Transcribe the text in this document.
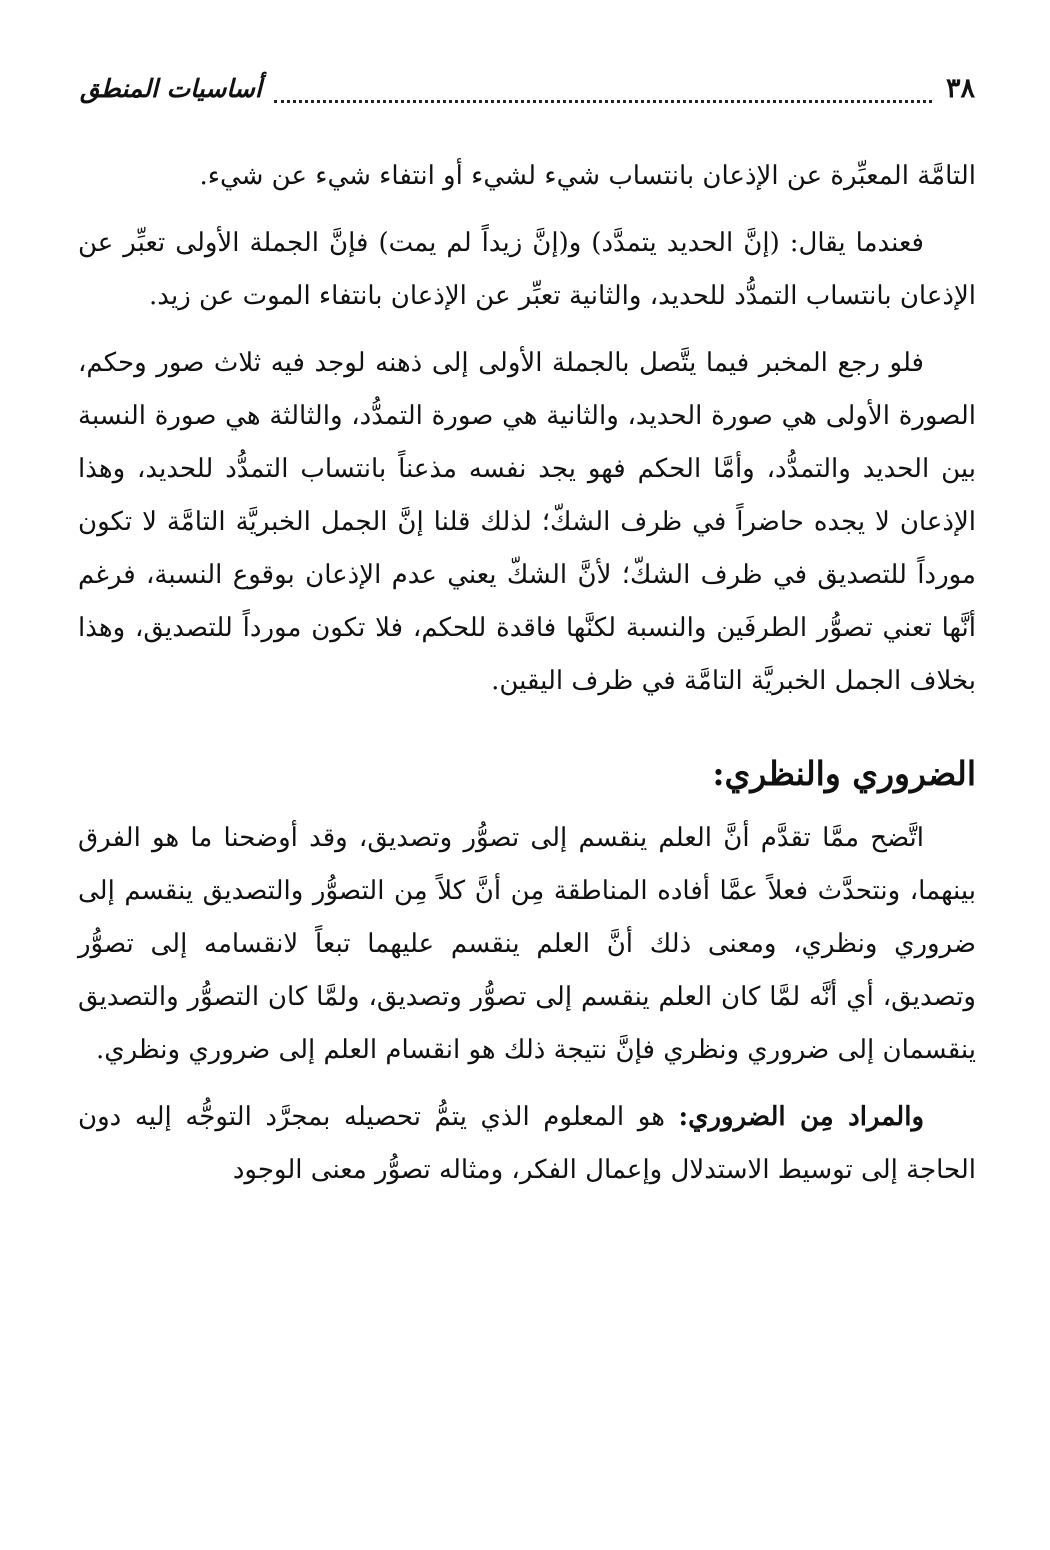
٣٨
أساسيات المنطق

التامَّة المعبِّرة عن الإذعان بانتساب شيء لشيء أو انتفاء شيء عن شيء.

فعندما يقال: (إنَّ الحديد يتمدَّد) و(إنَّ زيداً لم يمت) فإنَّ الجملة الأولى تعبِّر عن الإذعان بانتساب التمدُّد للحديد، والثانية تعبِّر عن الإذعان بانتفاء الموت عن زيد.

فلو رجع المخبر فيما يتَّصل بالجملة الأولى إلى ذهنه لوجد فيه ثلاث صور وحكم، الصورة الأولى هي صورة الحديد، والثانية هي صورة التمدُّد، والثالثة هي صورة النسبة بين الحديد والتمدُّد، وأمَّا الحكم فهو يجد نفسه مذعناً بانتساب التمدُّد للحديد، وهذا الإذعان لا يجده حاضراً في ظرف الشكّ؛ لذلك قلنا إنَّ الجمل الخبريَّة التامَّة لا تكون مورداً للتصديق في ظرف الشكّ؛ لأنَّ الشكّ يعني عدم الإذعان بوقوع النسبة، فرغم أنَّها تعني تصوُّر الطرفَين والنسبة لكنَّها فاقدة للحكم، فلا تكون مورداً للتصديق، وهذا بخلاف الجمل الخبريَّة التامَّة في ظرف اليقين.

الضروري والنظري:

اتَّضح ممَّا تقدَّم أنَّ العلم ينقسم إلى تصوُّر وتصديق، وقد أوضحنا ما هو الفرق بينهما، ونتحدَّث فعلاً عمَّا أفاده المناطقة مِن أنَّ كلاً مِن التصوُّر والتصديق ينقسم إلى ضروري ونظري، ومعنى ذلك أنَّ العلم ينقسم عليهما تبعاً لانقسامه إلى تصوُّر وتصديق، أي أنَّه لمَّا كان العلم ينقسم إلى تصوُّر وتصديق، ولمَّا كان التصوُّر والتصديق ينقسمان إلى ضروري ونظري فإنَّ نتيجة ذلك هو انقسام العلم إلى ضروري ونظري.

والمراد مِن الضروري: هو المعلوم الذي يتمُّ تحصيله بمجرَّد التوجُّه إليه دون الحاجة إلى توسيط الاستدلال وإعمال الفكر، ومثاله تصوُّر معنى الوجود
